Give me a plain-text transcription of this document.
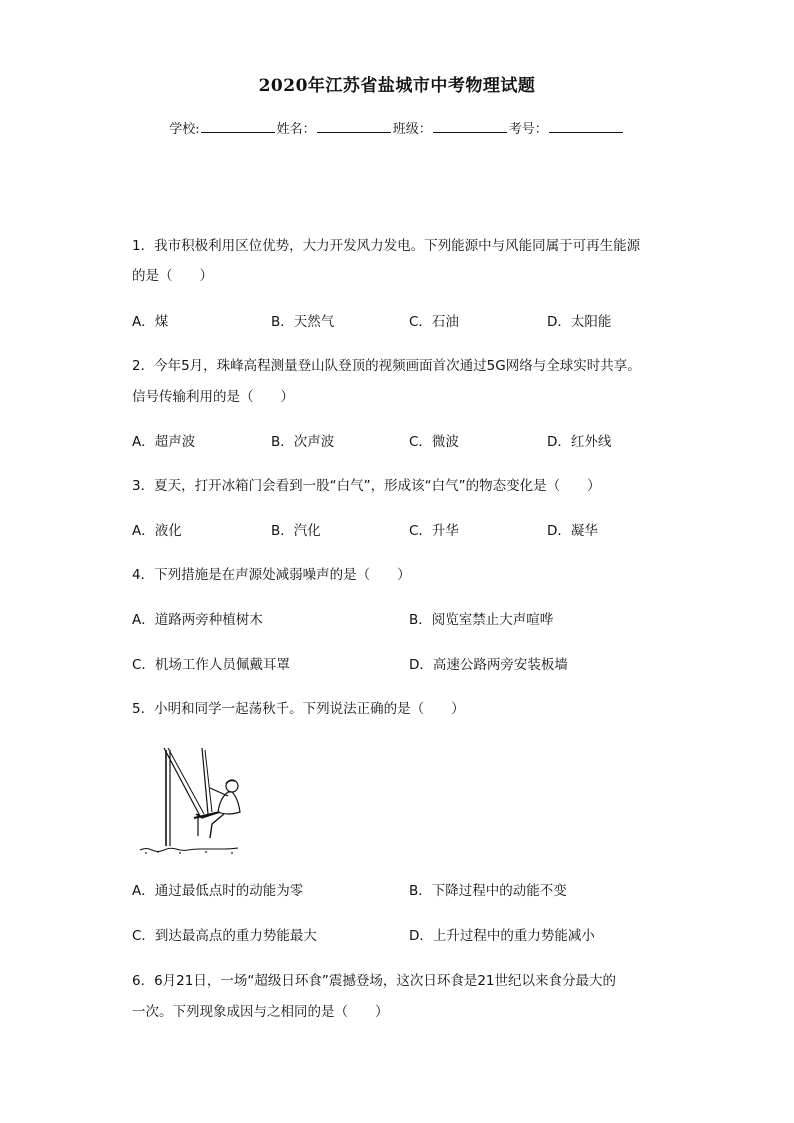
2020年江苏省盐城市中考物理试题
学校:	姓名：	班级：	考号：
1．我市积极利用区位优势，大力开发风力发电。下列能源中与风能同属于可再生能源
的是（　　）
A．煤	B．天然气	C．石油	D．太阳能
2．今年5月，珠峰高程测量登山队登顶的视频画面首次通过5G网络与全球实时共享。
信号传输利用的是（　　）
A．超声波	B．次声波	C．微波	D．红外线
3．夏天，打开冰箱门会看到一股“白气”，形成该“白气”的物态变化是（　　）
A．液化	B．汽化	C．升华	D．凝华
4．下列措施是在声源处减弱噪声的是（　　）
A．道路两旁种植树木	B．阅览室禁止大声喧哗
C．机场工作人员佩戴耳罩	D．高速公路两旁安装板墙
5．小明和同学一起荡秋千。下列说法正确的是（　　）
A．通过最低点时的动能为零	B．下降过程中的动能不变
C．到达最高点的重力势能最大	D．上升过程中的重力势能减小
6．6月21日，一场“超级日环食”震撼登场，这次日环食是21世纪以来食分最大的
一次。下列现象成因与之相同的是（　　）
